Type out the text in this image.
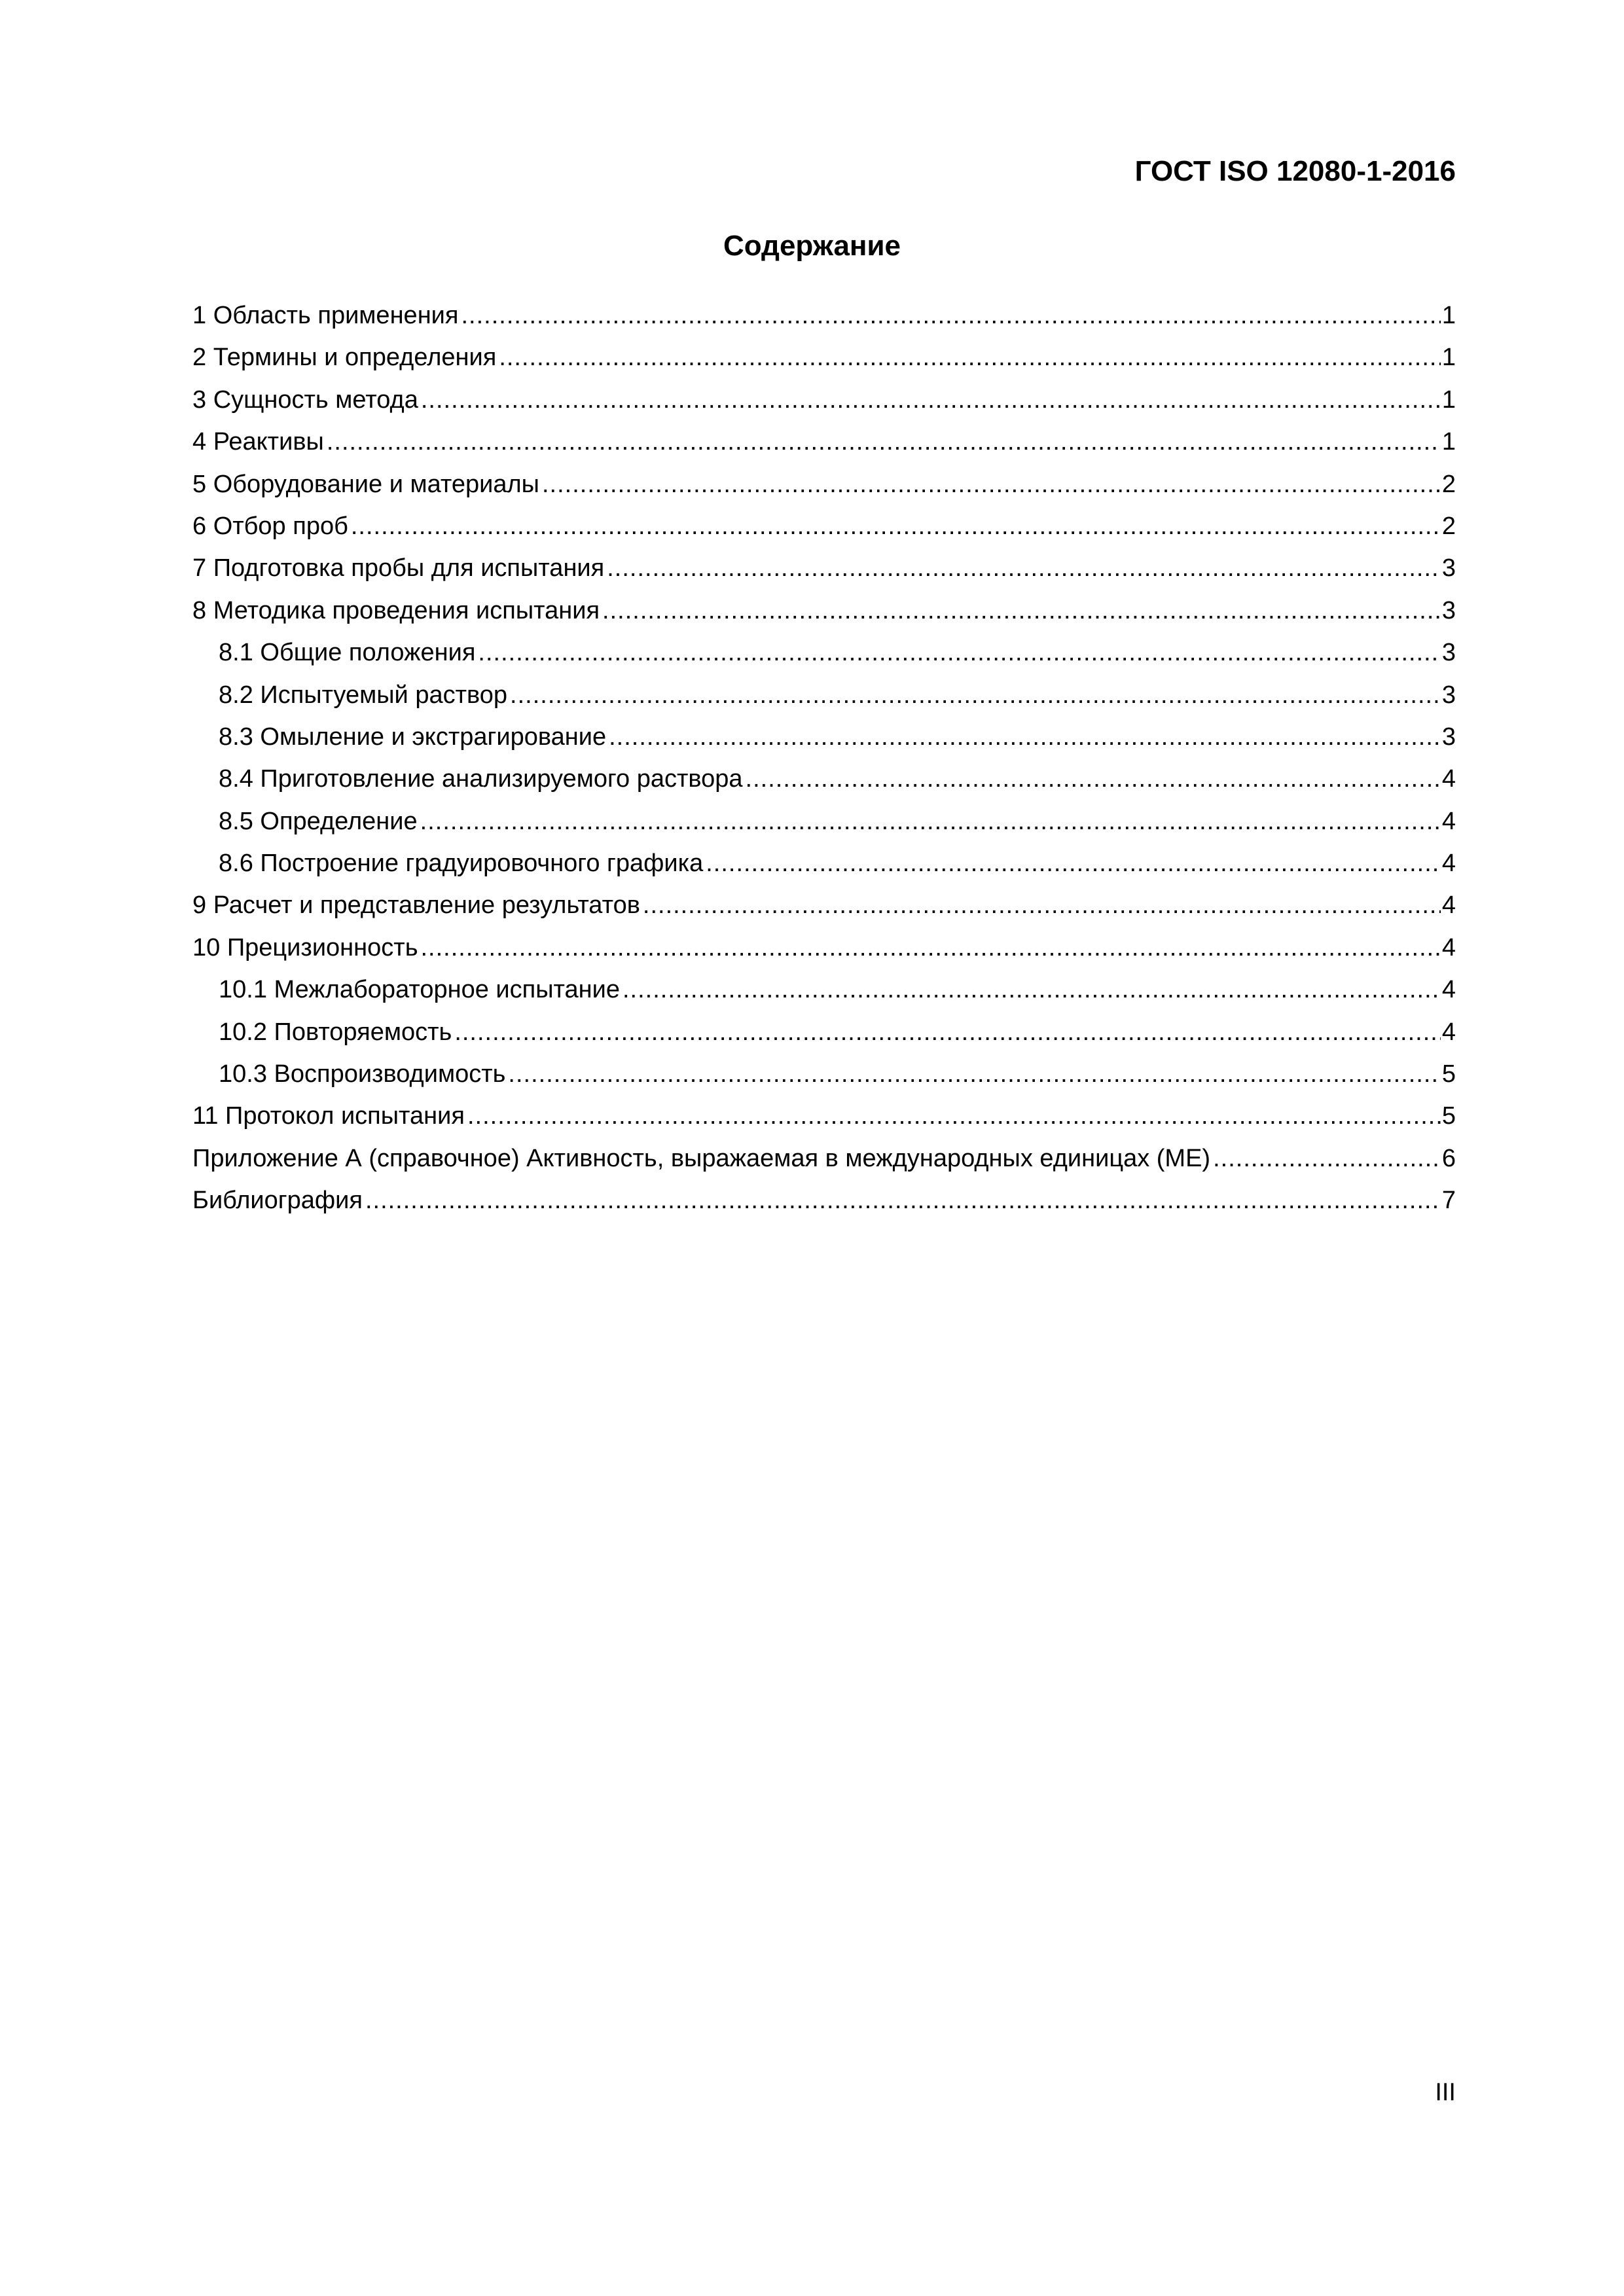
ГОСТ ISO 12080-1-2016
Содержание
1 Область применения .....	1
2 Термины и определения .....	1
3 Сущность метода .....	1
4 Реактивы .....	1
5 Оборудование и материалы .....	2
6 Отбор проб .....	2
7 Подготовка пробы для испытания .....	3
8 Методика проведения испытания .....	3
8.1 Общие положения .....	3
8.2 Испытуемый раствор .....	3
8.3 Омыление и экстрагирование .....	3
8.4 Приготовление анализируемого раствора .....	4
8.5 Определение .....	4
8.6 Построение градуировочного графика .....	4
9 Расчет и представление результатов .....	4
10 Прецизионность .....	4
10.1 Межлабораторное испытание .....	4
10.2 Повторяемость .....	4
10.3 Воспроизводимость .....	5
11 Протокол испытания .....	5
Приложение А (справочное) Активность, выражаемая в международных единицах (МЕ) .....	6
Библиография .....	7
III
